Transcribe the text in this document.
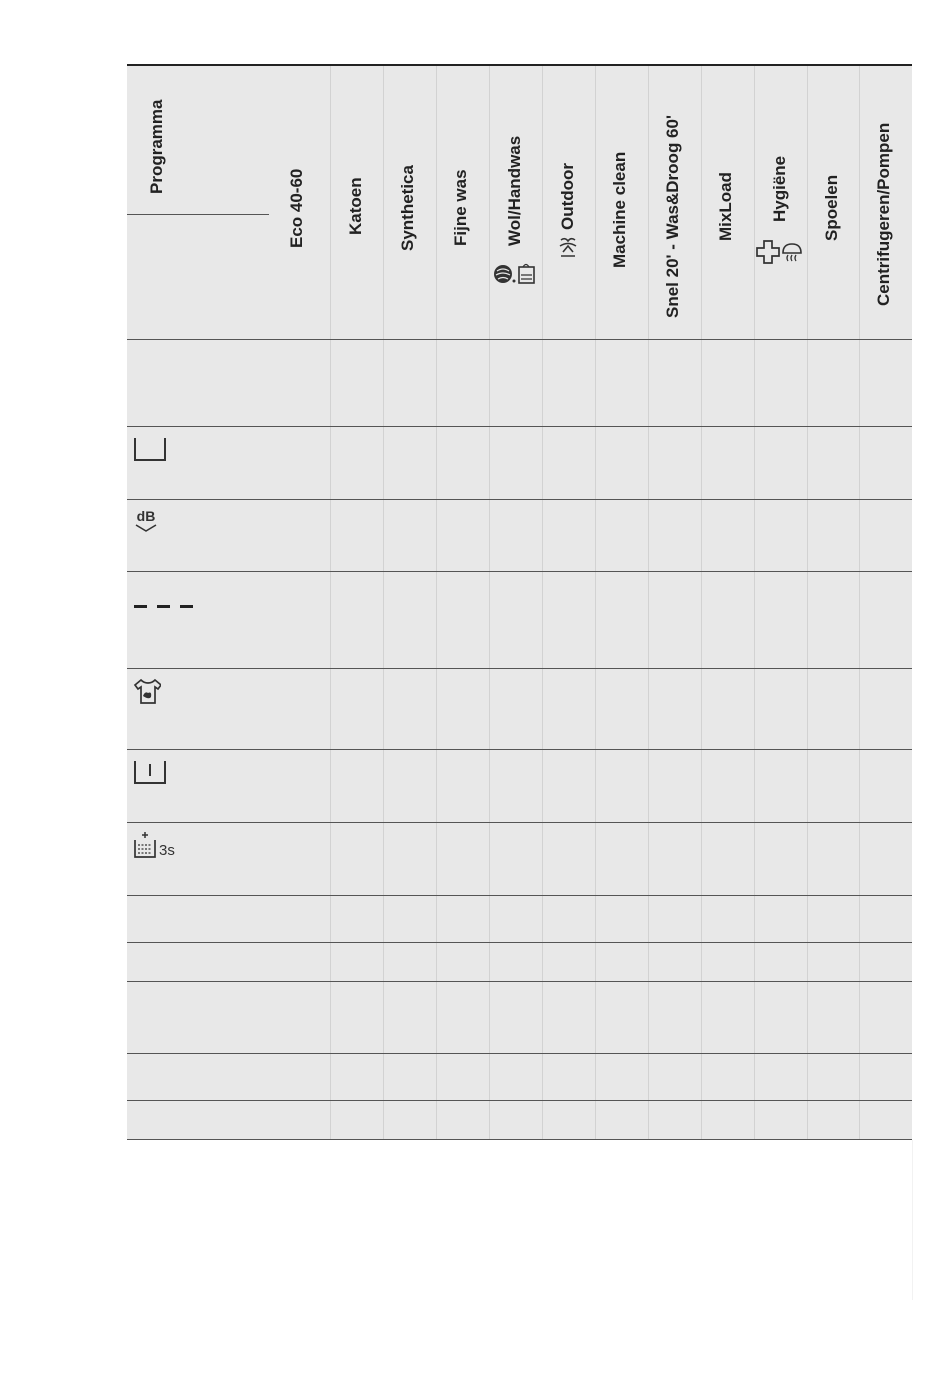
Programma
Eco 40-60 Katoen Synthetica Fijne was Wol/Handwas Outdoor Machine clean Snel 20' - Was&Droog 60' MixLoad Hygiëne Spoelen Centrifugeren/Pompen
dB
3s
